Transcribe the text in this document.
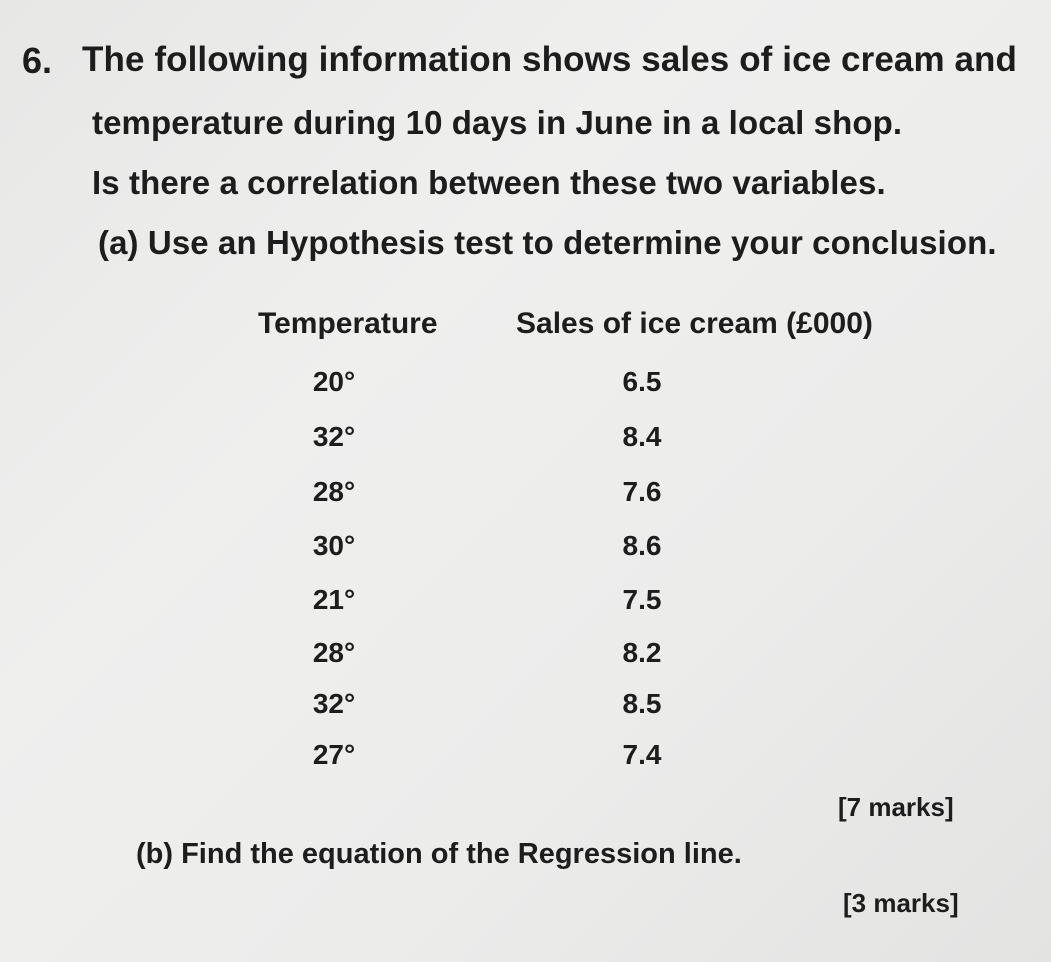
6. The following information shows sales of ice cream and
temperature during 10 days in June in a local shop.
Is there a correlation between these two variables.
(a) Use an Hypothesis test to determine your conclusion.
Temperature	Sales of ice cream (£000)
20°	6.5
32°	8.4
28°	7.6
30°	8.6
21°	7.5
28°	8.2
32°	8.5
27°	7.4
[7 marks]
(b) Find the equation of the Regression line.
[3 marks]
